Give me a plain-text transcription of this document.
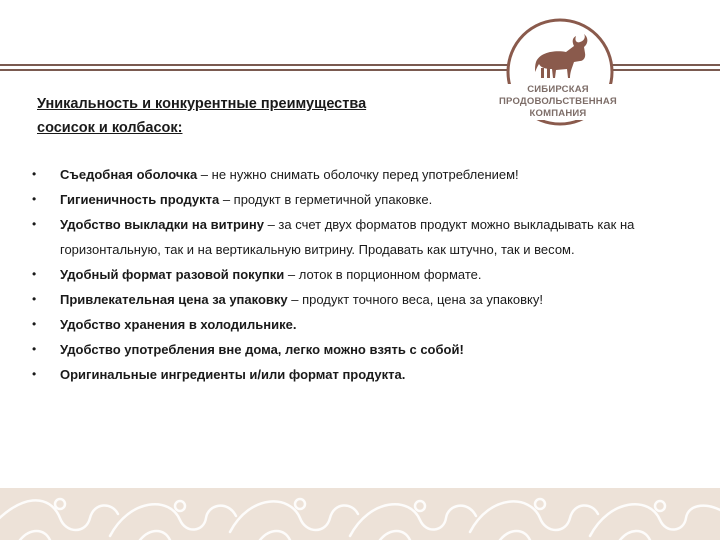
СИБИРСКАЯ
ПРОДОВОЛЬСТВЕННАЯ
КОМПАНИЯ
Уникальность и конкурентные преимущества
сосисок и колбасок:
• Съедобная оболочка – не нужно снимать оболочку перед употреблением!
• Гигиеничность продукта – продукт в герметичной упаковке.
• Удобство выкладки на витрину – за счет двух форматов продукт можно выкладывать как на горизонтальную, так и на вертикальную витрину. Продавать как штучно, так и весом.
• Удобный формат разовой покупки – лоток в порционном формате.
• Привлекательная цена за упаковку – продукт точного веса, цена за упаковку!
• Удобство хранения в холодильнике.
• Удобство употребления вне дома, легко можно взять с собой!
• Оригинальные ингредиенты и/или формат продукта.
